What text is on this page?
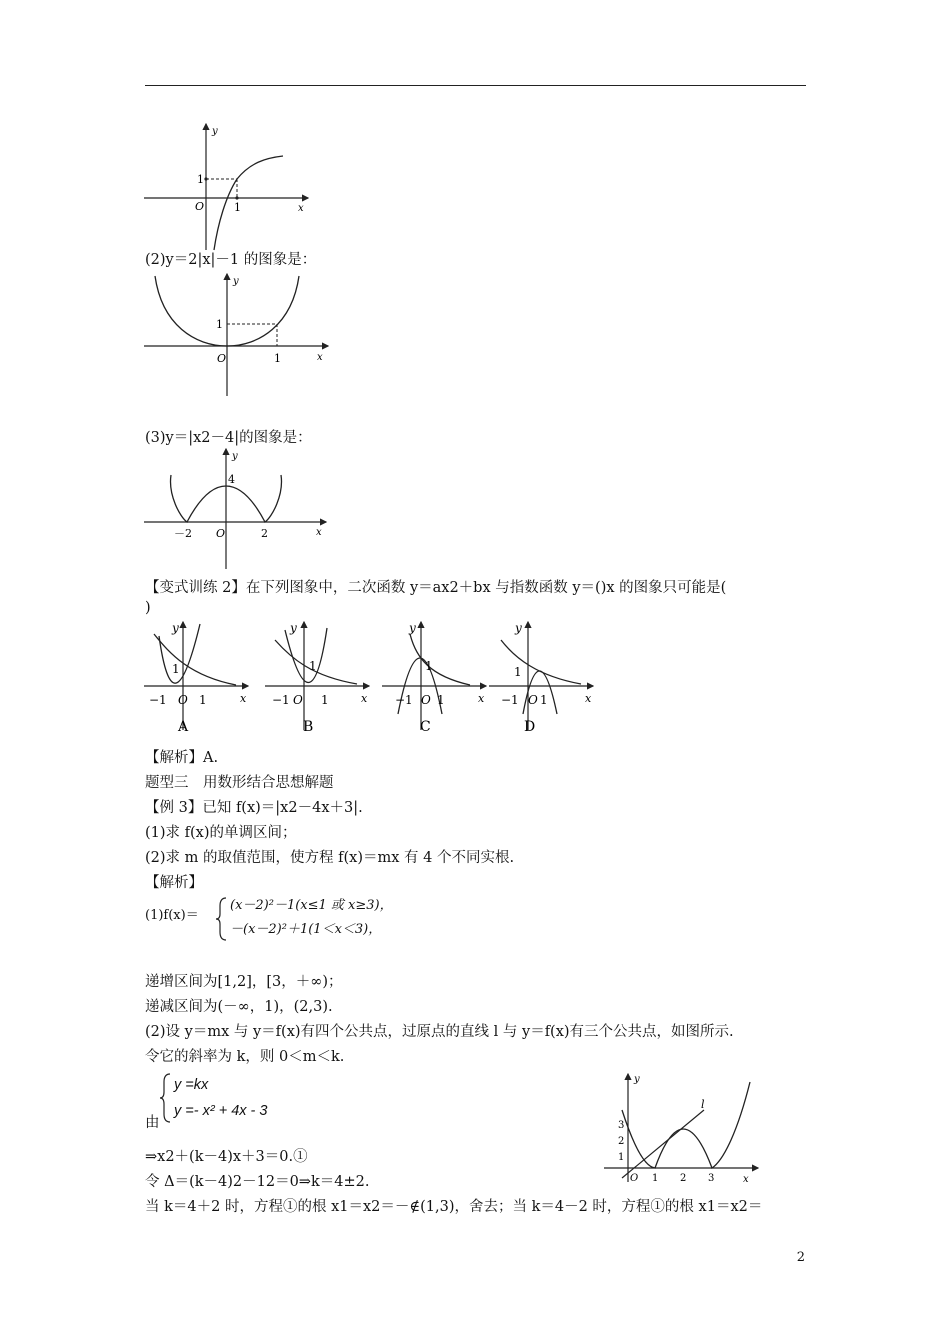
y
x
O
1
1
(2)y＝2|x|－1 的图象是：
y
x
O
1
1
(3)y＝|x2－4|的图象是：
y
x
O
4
－2	2
【变式训练 2】在下列图象中，二次函数 y＝ax2＋bx 与指数函数 y＝()x 的图象只可能是(
)
y
x
1
−1 O 1
A
y
x
1
−1 O 1
B
y
x
1
−1 O 1
C
y
x
1
−1 O 1
D
【解析】A.
题型三　用数形结合思想解题
【例 3】已知 f(x)＝|x2－4x＋3|.
(1)求 f(x)的单调区间；
(2)求 m 的取值范围，使方程 f(x)＝mx 有 4 个不同实根.
【解析】
(1)f(x)＝
(x－2)²－1(x≤1 或 x≥3)，
－(x－2)²＋1(1＜x＜3)，
递增区间为[1,2]，[3，＋∞)；
递减区间为(－∞，1)，(2,3).
(2)设 y＝mx 与 y＝f(x)有四个公共点，过原点的直线 l 与 y＝f(x)有三个公共点，如图所示.
令它的斜率为 k，则 0＜m＜k.
y =kx
y =- x² + 4x - 3
由
y
x
l
O 1 2 3
1
2
3
⇒x2＋(k－4)x＋3＝0.①
令 Δ＝(k－4)2－12＝0⇒k＝4±2.
当 k＝4＋2 时，方程①的根 x1＝x2＝－∉(1,3)，舍去；当 k＝4－2 时，方程①的根 x1＝x2＝
2
